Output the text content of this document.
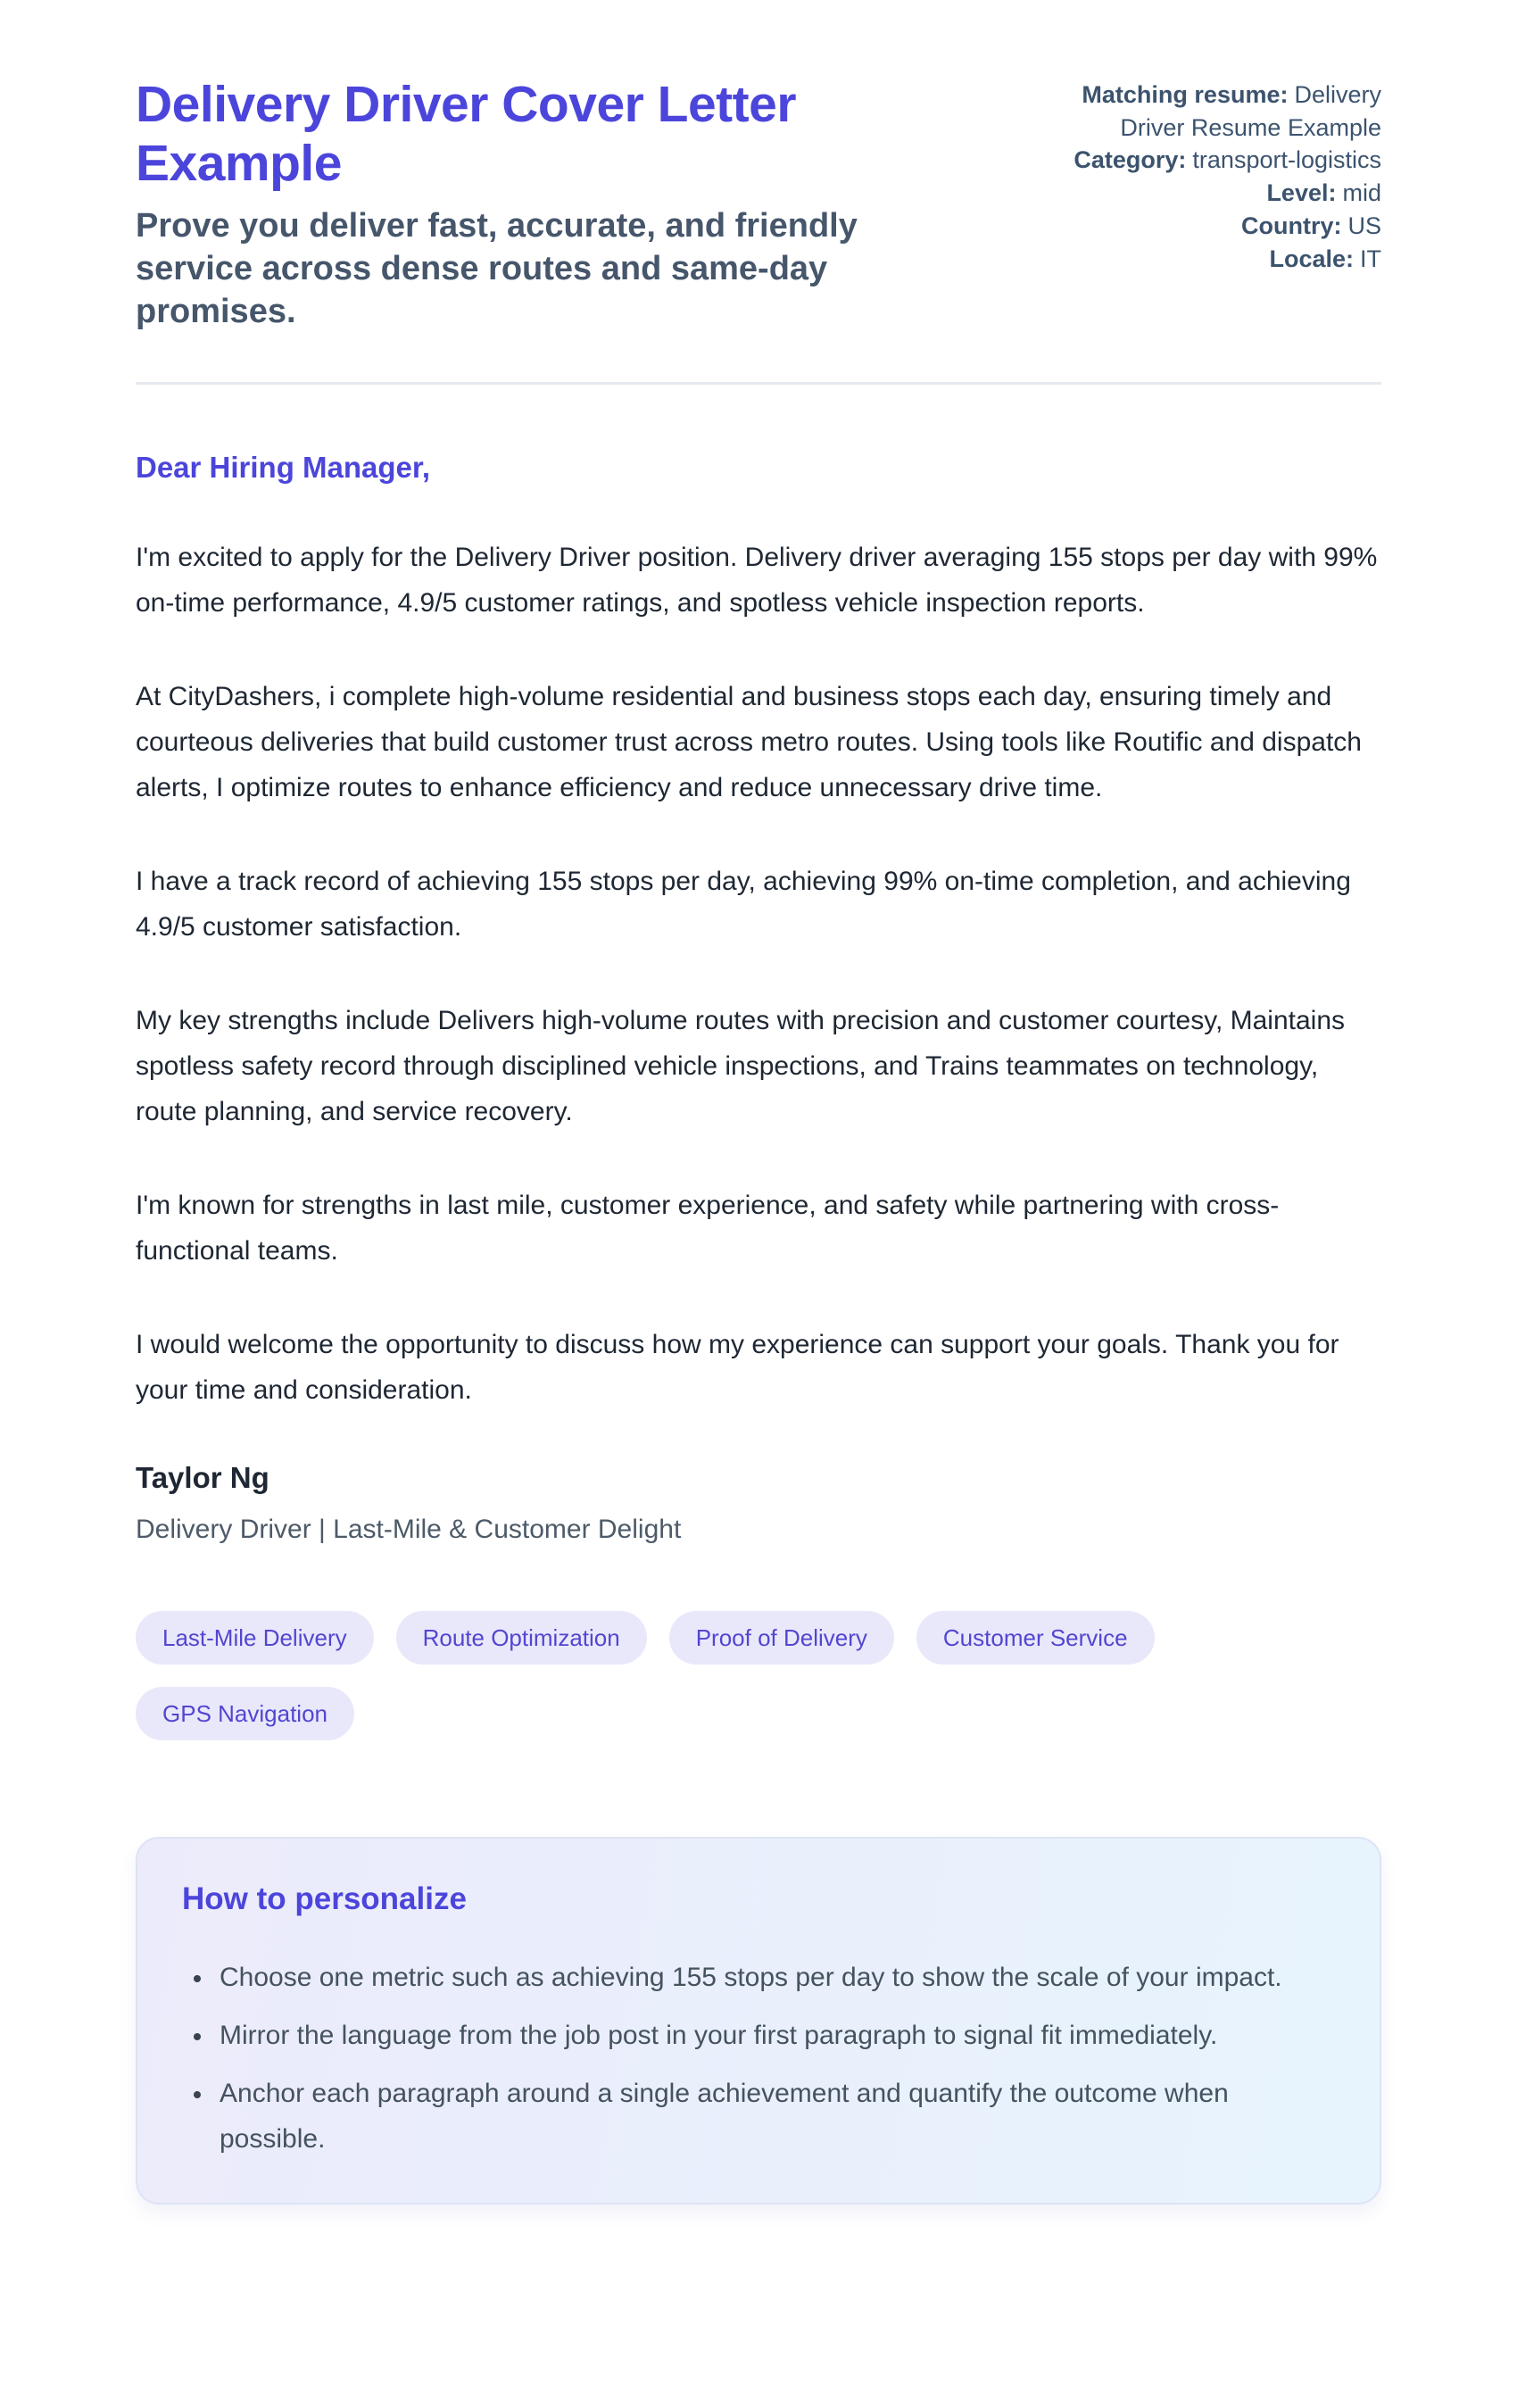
Delivery Driver Cover Letter Example

Prove you deliver fast, accurate, and friendly service across dense routes and same-day promises.

Matching resume: Delivery Driver Resume Example
Category: transport-logistics
Level: mid
Country: US
Locale: IT

Dear Hiring Manager,

I'm excited to apply for the Delivery Driver position. Delivery driver averaging 155 stops per day with 99% on-time performance, 4.9/5 customer ratings, and spotless vehicle inspection reports.

At CityDashers, i complete high-volume residential and business stops each day, ensuring timely and courteous deliveries that build customer trust across metro routes. Using tools like Routific and dispatch alerts, I optimize routes to enhance efficiency and reduce unnecessary drive time.

I have a track record of achieving 155 stops per day, achieving 99% on-time completion, and achieving 4.9/5 customer satisfaction.

My key strengths include Delivers high-volume routes with precision and customer courtesy, Maintains spotless safety record through disciplined vehicle inspections, and Trains teammates on technology, route planning, and service recovery.

I'm known for strengths in last mile, customer experience, and safety while partnering with cross-functional teams.

I would welcome the opportunity to discuss how my experience can support your goals. Thank you for your time and consideration.

Taylor Ng

Delivery Driver | Last-Mile & Customer Delight

Last-Mile Delivery	Route Optimization	Proof of Delivery	Customer Service
GPS Navigation
How to personalize
• Choose one metric such as achieving 155 stops per day to show the scale of your impact.
• Mirror the language from the job post in your first paragraph to signal fit immediately.
• Anchor each paragraph around a single achievement and quantify the outcome when possible.
